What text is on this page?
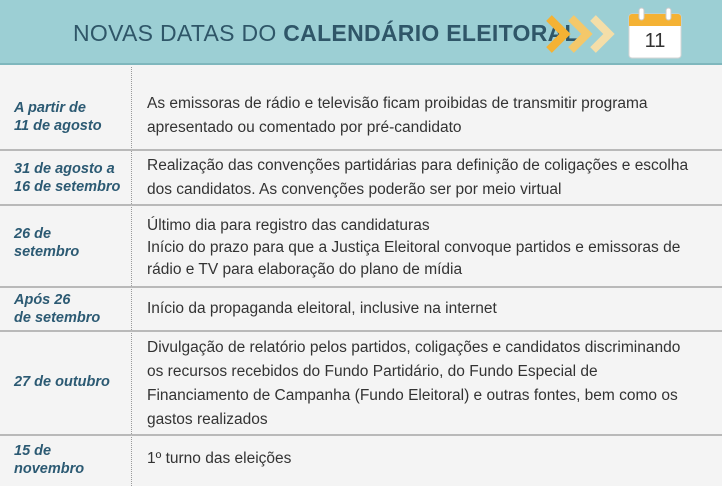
NOVAS DATAS DO CALENDÁRIO ELEITORAL	11
A partir de
11 de agosto
As emissoras de rádio e televisão ficam proibidas de transmitir programa
apresentado ou comentado por pré-candidato
31 de agosto a
16 de setembro
Realização das convenções partidárias para definição de coligações e escolha
dos candidatos. As convenções poderão ser por meio virtual
26 de
setembro
Último dia para registro das candidaturas
Início do prazo para que a Justiça Eleitoral convoque partidos e emissoras de
rádio e TV para elaboração do plano de mídia
Após 26
de setembro
Início da propaganda eleitoral, inclusive na internet
27 de outubro
Divulgação de relatório pelos partidos, coligações e candidatos discriminando
os recursos recebidos do Fundo Partidário, do Fundo Especial de
Financiamento de Campanha (Fundo Eleitoral) e outras fontes, bem como os
gastos realizados
15 de
novembro
1º turno das eleições
